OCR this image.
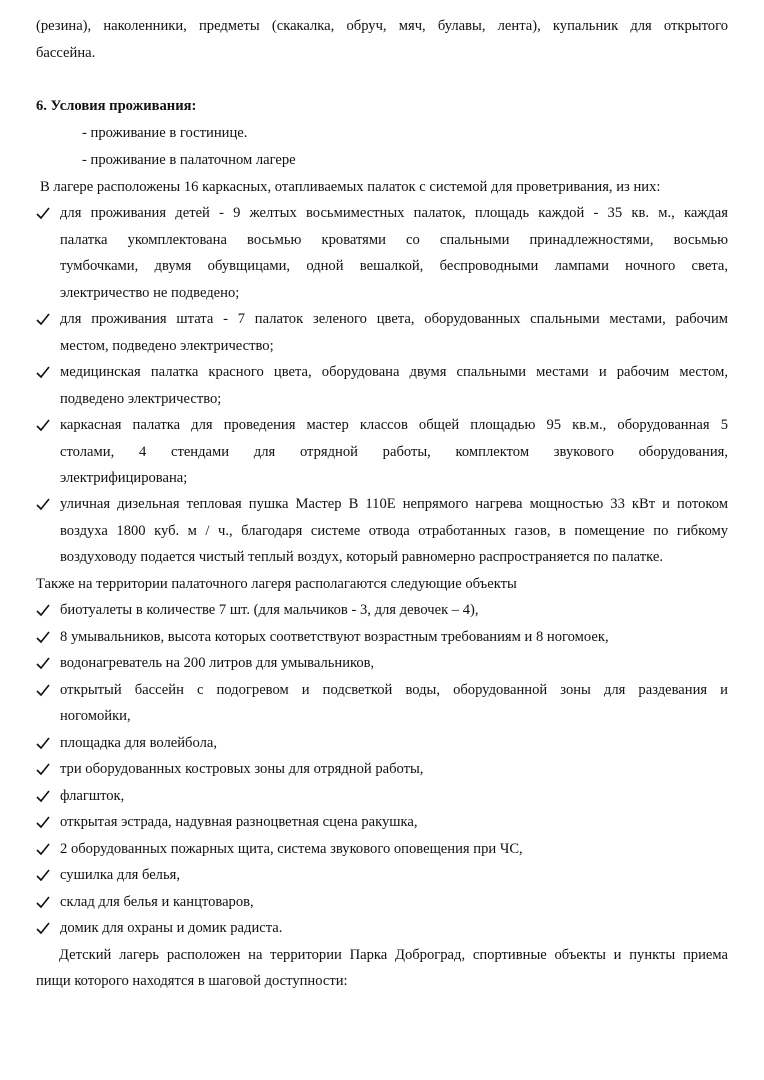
(резина), наколенники, предметы (скакалка, обруч, мяч, булавы, лента), купальник для открытого
бассейна.
6. Условия проживания:
- проживание в гостинице.
- проживание в палаточном лагере
В лагере расположены 16 каркасных, отапливаемых палаток с системой для проветривания, из них:
для проживания детей - 9 желтых восьмиместных палаток, площадь каждой - 35 кв. м., каждая
палатка укомплектована восьмью кроватями со спальными принадлежностями, восьмью
тумбочками, двумя обувщицами, одной вешалкой, беспроводными лампами ночного света,
электричество не подведено;
для проживания штата - 7 палаток зеленого цвета, оборудованных спальными местами, рабочим
местом, подведено электричество;
медицинская палатка красного цвета, оборудована двумя спальными местами и рабочим местом,
подведено электричество;
каркасная палатка для проведения мастер классов общей площадью 95 кв.м., оборудованная 5
столами, 4 стендами для отрядной работы, комплектом звукового оборудования,
электрифицирована;
уличная дизельная тепловая пушка Мастер B 110E непрямого нагрева мощностью 33 кВт и потоком
воздуха 1800 куб. м / ч., благодаря системе отвода отработанных газов, в помещение по гибкому
воздуховоду подается чистый теплый воздух, который равномерно распространяется по палатке.
Также на территории палаточного лагеря располагаются следующие объекты
биотуалеты в количестве 7 шт. (для мальчиков - 3, для девочек – 4),
8 умывальников, высота которых соответствуют возрастным требованиям и 8 ногомоек,
водонагреватель на 200 литров для умывальников,
открытый бассейн с подогревом и подсветкой воды, оборудованной зоны для раздевания и
ногомойки,
площадка для волейбола,
три оборудованных костровых зоны для отрядной работы,
флагшток,
открытая эстрада, надувная разноцветная сцена ракушка,
2 оборудованных пожарных щита, система звукового оповещения при ЧС,
сушилка для белья,
склад для белья и канцтоваров,
домик для охраны и домик радиста.
Детский лагерь расположен на территории Парка Доброград, спортивные объекты и пункты приема
пищи которого находятся в шаговой доступности:
